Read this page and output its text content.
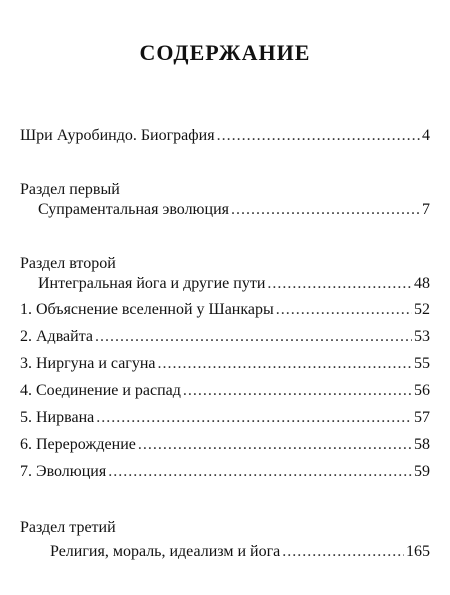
СОДЕРЖАНИЕ
Шри Ауробиндо. Биография .....	4
Раздел первый
Супраментальная эволюция .....	7
Раздел второй
Интегральная йога и другие пути .....	48
1. Объяснение вселенной у Шанкары .....	52
2. Адвайта .....	53
3. Ниргуна и сагуна .....	55
4. Соединение и распад .....	56
5. Нирвана .....	57
6. Перерождение .....	58
7. Эволюция .....	59
Раздел третий
Религия, мораль, идеализм и йога .....	165
